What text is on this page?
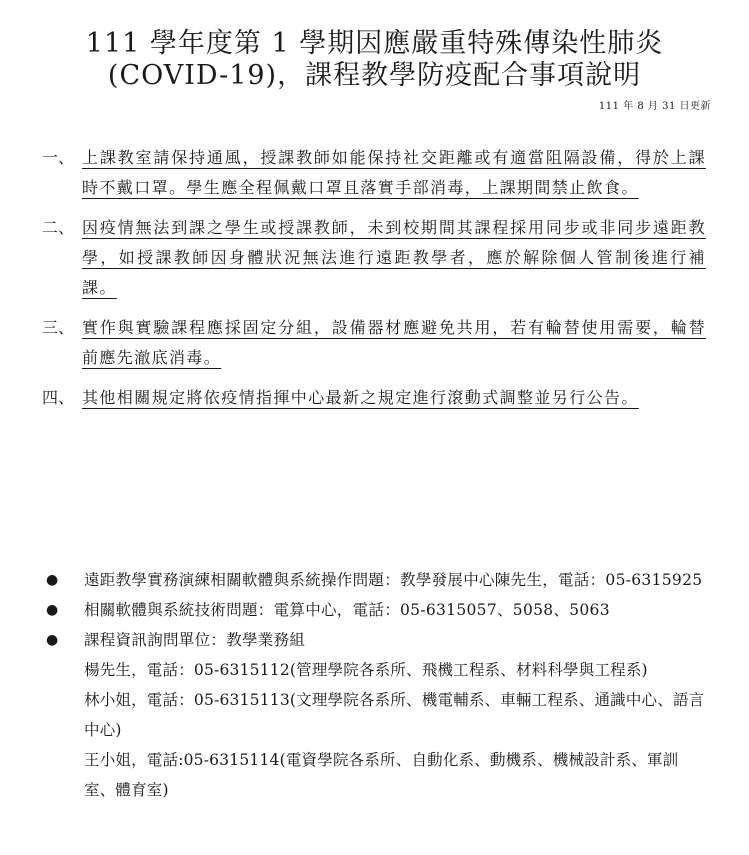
111 學年度第 1 學期因應嚴重特殊傳染性肺炎
(COVID-19)，課程教學防疫配合事項說明
111 年 8 月 31 日更新
一、 上課教室請保持通風，授課教師如能保持社交距離或有適當阻隔設備，得於上課時不戴口罩。學生應全程佩戴口罩且落實手部消毒，上課期間禁止飲食。
二、 因疫情無法到課之學生或授課教師，未到校期間其課程採用同步或非同步遠距教學，如授課教師因身體狀況無法進行遠距教學者，應於解除個人管制後進行補課。
三、 實作與實驗課程應採固定分組，設備器材應避免共用，若有輪替使用需要，輪替前應先澈底消毒。
四、 其他相關規定將依疫情指揮中心最新之規定進行滾動式調整並另行公告。
●	遠距教學實務演練相關軟體與系統操作問題：教學發展中心陳先生，電話：05-6315925
●	相關軟體與系統技術問題：電算中心，電話：05-6315057、5058、5063
●	課程資訊詢問單位：教學業務組
楊先生，電話：05-6315112(管理學院各系所、飛機工程系、材料科學與工程系)
林小姐，電話：05-6315113(文理學院各系所、機電輔系、車輛工程系、通識中心、語言中心)
王小姐，電話:05-6315114(電資學院各系所、自動化系、動機系、機械設計系、軍訓室、體育室)
